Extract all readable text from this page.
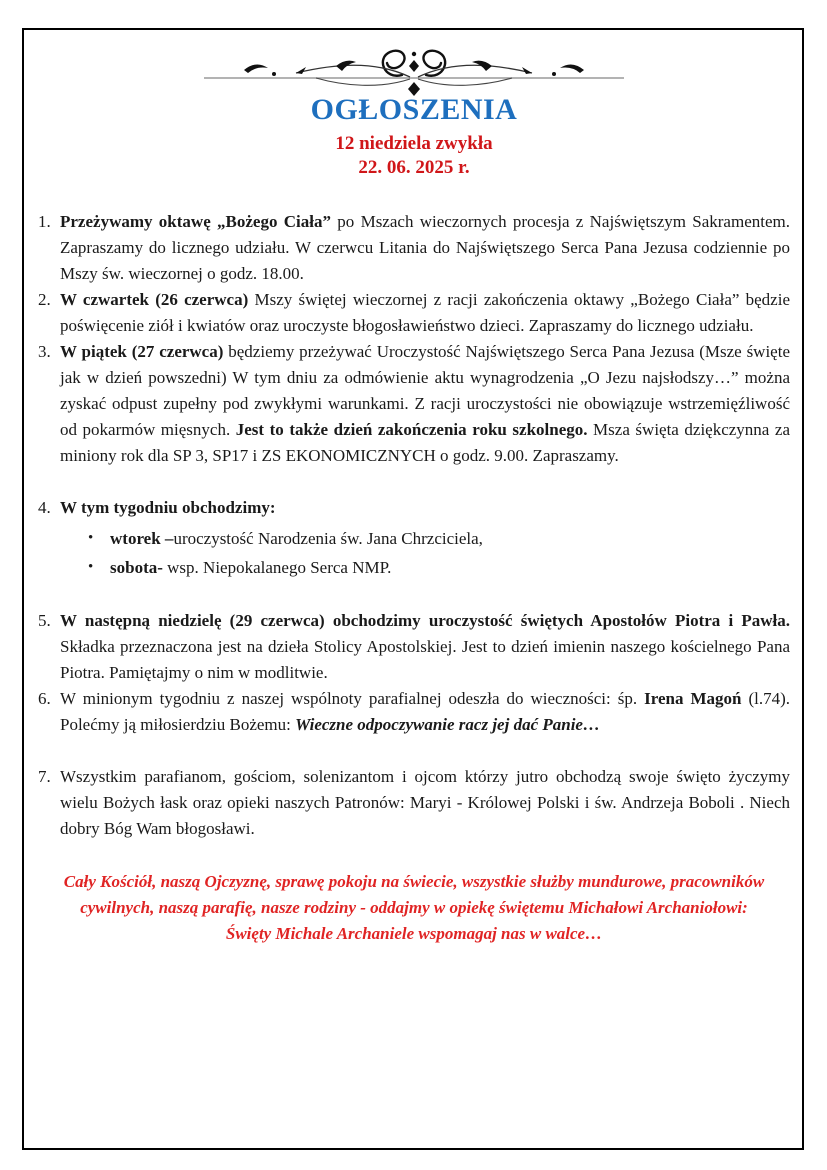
OGŁOSZENIA

12 niedziela zwykła

22. 06. 2025 r.

1. Przeżywamy oktawę „Bożego Ciała” po Mszach wieczornych procesja z Najświętszym Sakramentem. Zapraszamy do licznego udziału. W czerwcu Litania do Najświętszego Serca Pana Jezusa codziennie po Mszy św. wieczornej o godz. 18.00.
2. W czwartek (26 czerwca) Mszy świętej wieczornej z racji zakończenia oktawy „Bożego Ciała” będzie poświęcenie ziół i kwiatów oraz uroczyste błogosławieństwo dzieci. Zapraszamy do licznego udziału.
3. W piątek (27 czerwca) będziemy przeżywać Uroczystość Najświętszego Serca Pana Jezusa (Msze święte jak w dzień powszedni) W tym dniu za odmówienie aktu wynagrodzenia „O Jezu najsłodszy…” można zyskać odpust zupełny pod zwykłymi warunkami. Z racji uroczystości nie obowiązuje wstrzemięźliwość od pokarmów mięsnych. Jest to także dzień zakończenia roku szkolnego. Msza święta dziękczynna za miniony rok dla SP 3, SP17 i ZS EKONOMICZNYCH o godz. 9.00. Zapraszamy.
4. W tym tygodniu obchodzimy:
• wtorek –uroczystość Narodzenia św. Jana Chrzciciela,
• sobota- wsp. Niepokalanego Serca NMP.
5. W następną niedzielę (29 czerwca) obchodzimy uroczystość świętych Apostołów Piotra i Pawła. Składka przeznaczona jest na dzieła Stolicy Apostolskiej. Jest to dzień imienin naszego kościelnego Pana Piotra. Pamiętajmy o nim w modlitwie.
6. W minionym tygodniu z naszej wspólnoty parafialnej odeszła do wieczności: śp. Irena Magoń (l.74). Polećmy ją miłosierdziu Bożemu: Wieczne odpoczywanie racz jej dać Panie…
7. Wszystkim parafianom, gościom, solenizantom i ojcom którzy jutro obchodzą swoje święto życzymy wielu Bożych łask oraz opieki naszych Patronów: Maryi - Królowej Polski i św. Andrzeja Boboli . Niech dobry Bóg Wam błogosławi.

Cały Kościół, naszą Ojczyznę, sprawę pokoju na świecie, wszystkie służby mundurowe, pracowników cywilnych, naszą parafię, nasze rodziny - oddajmy w opiekę świętemu Michałowi Archaniołowi:

Święty Michale Archaniele wspomagaj nas w walce…
